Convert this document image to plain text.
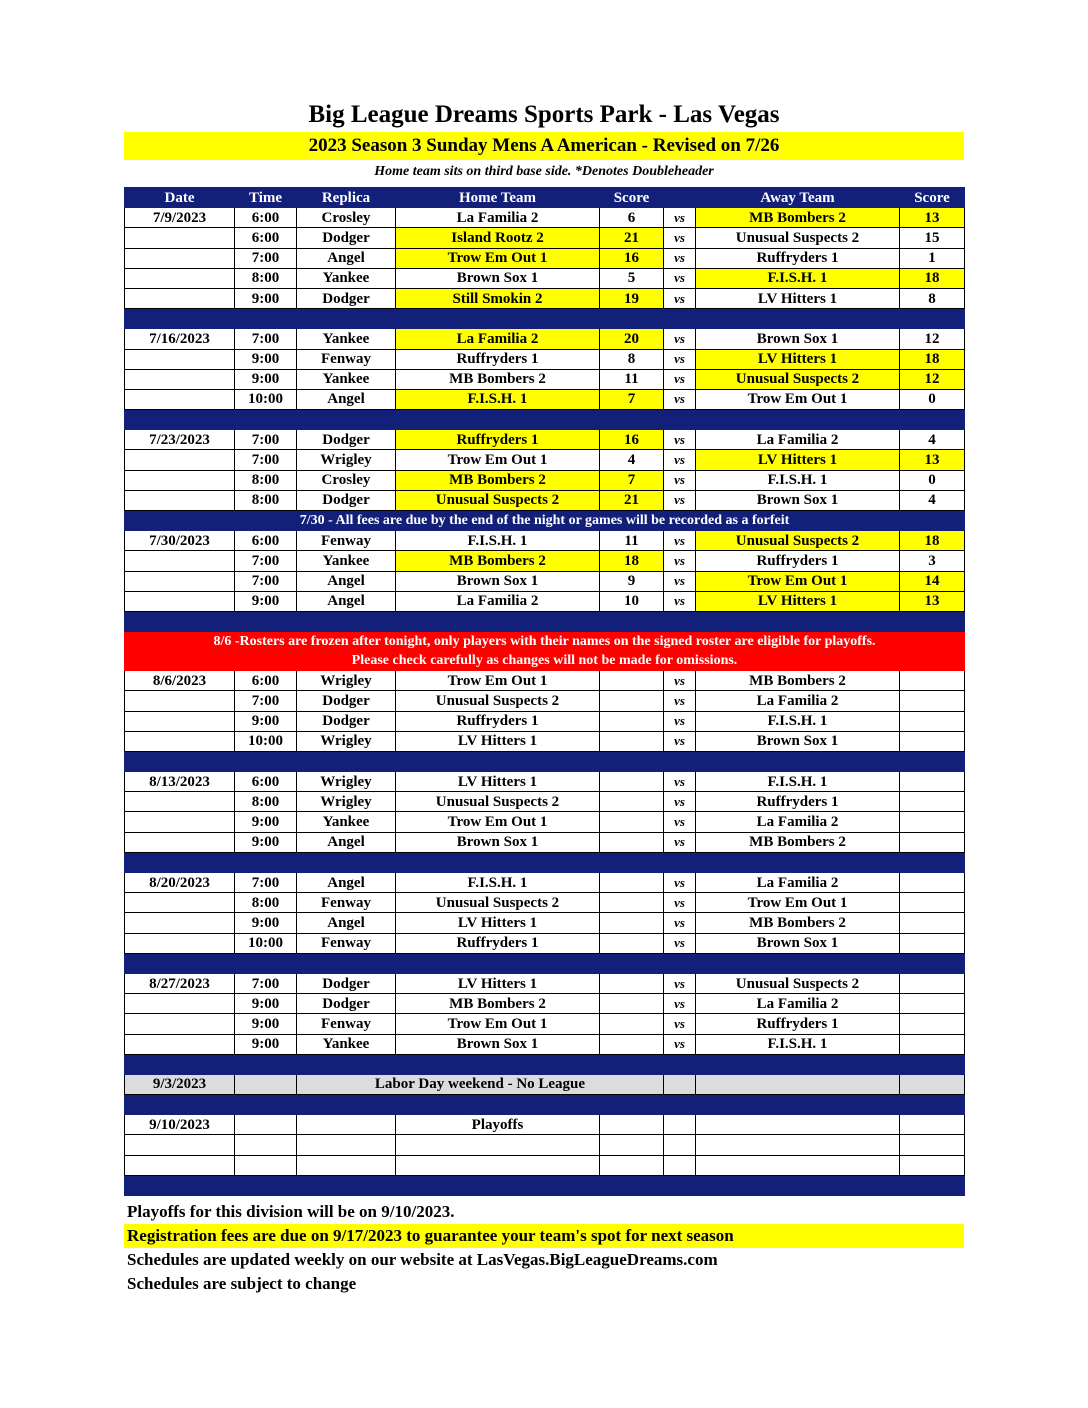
Big League Dreams Sports Park - Las Vegas
2023 Season 3 Sunday Mens A American - Revised on 7/26
Home team sits on third base side. *Denotes Doubleheader
Date	Time	Replica	Home Team	Score		Away Team	Score
7/9/2023	6:00	Crosley	La Familia 2	6	vs	MB Bombers 2	13
	6:00	Dodger	Island Rootz 2	21	vs	Unusual Suspects 2	15
	7:00	Angel	Trow Em Out 1	16	vs	Ruffryders 1	1
	8:00	Yankee	Brown Sox 1	5	vs	F.I.S.H. 1	18
	9:00	Dodger	Still Smokin 2	19	vs	LV Hitters 1	8

7/16/2023	7:00	Yankee	La Familia 2	20	vs	Brown Sox 1	12
	9:00	Fenway	Ruffryders 1	8	vs	LV Hitters 1	18
	9:00	Yankee	MB Bombers 2	11	vs	Unusual Suspects 2	12
	10:00	Angel	F.I.S.H. 1	7	vs	Trow Em Out 1	0

7/23/2023	7:00	Dodger	Ruffryders 1	16	vs	La Familia 2	4
	7:00	Wrigley	Trow Em Out 1	4	vs	LV Hitters 1	13
	8:00	Crosley	MB Bombers 2	7	vs	F.I.S.H. 1	0
	8:00	Dodger	Unusual Suspects 2	21	vs	Brown Sox 1	4
7/30 - All fees are due by the end of the night or games will be recorded as a forfeit							
7/30/2023	6:00	Fenway	F.I.S.H. 1	11	vs	Unusual Suspects 2	18
	7:00	Yankee	MB Bombers 2	18	vs	Ruffryders 1	3
	7:00	Angel	Brown Sox 1	9	vs	Trow Em Out 1	14
	9:00	Angel	La Familia 2	10	vs	LV Hitters 1	13

8/6 -Rosters are frozen after tonight, only players with their names on the signed roster are eligible for playoffs.
Please check carefully as changes will not be made for omissions.							

8/6/2023	6:00	Wrigley	Trow Em Out 1		vs	MB Bombers 2	
	7:00	Dodger	Unusual Suspects 2		vs	La Familia 2	
	9:00	Dodger	Ruffryders 1		vs	F.I.S.H. 1	
	10:00	Wrigley	LV Hitters 1		vs	Brown Sox 1	

8/13/2023	6:00	Wrigley	LV Hitters 1		vs	F.I.S.H. 1	
	8:00	Wrigley	Unusual Suspects 2		vs	Ruffryders 1	
	9:00	Yankee	Trow Em Out 1		vs	La Familia 2	
	9:00	Angel	Brown Sox 1		vs	MB Bombers 2	

8/20/2023	7:00	Angel	F.I.S.H. 1		vs	La Familia 2	
	8:00	Fenway	Unusual Suspects 2		vs	Trow Em Out 1	
	9:00	Angel	LV Hitters 1		vs	MB Bombers 2	
	10:00	Fenway	Ruffryders 1		vs	Brown Sox 1	

8/27/2023	7:00	Dodger	LV Hitters 1		vs	Unusual Suspects 2	
	9:00	Dodger	MB Bombers 2		vs	La Familia 2	
	9:00	Fenway	Trow Em Out 1		vs	Ruffryders 1	
	9:00	Yankee	Brown Sox 1		vs	F.I.S.H. 1	

9/3/2023		Labor Day weekend - No League					

9/10/2023			Playoffs				

Playoffs for this division will be on 9/10/2023.
Registration fees are due on 9/17/2023 to guarantee your team's spot for next season
Schedules are updated weekly on our website at LasVegas.BigLeagueDreams.com
Schedules are subject to change
